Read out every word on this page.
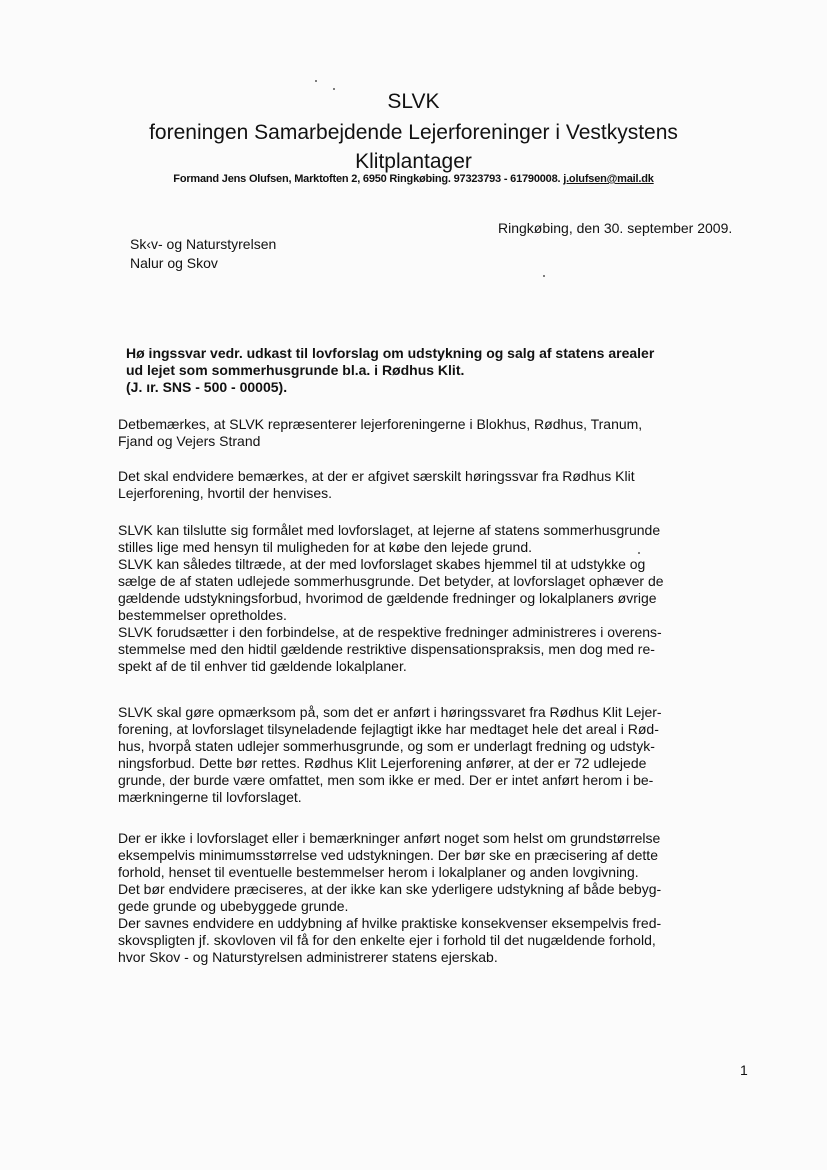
SLVK
foreningen Samarbejdende Lejerforeninger i Vestkystens
Klitplantager
Formand Jens Olufsen, Marktoften 2, 6950 Ringkøbing. 97323793 - 61790008. j.olufsen@mail.dk
Ringkøbing, den 30. september 2009.
Sk‹v- og Naturstyrelsen
Nalur og Skov
Hø ingssvar vedr. udkast til lovforslag om udstykning og salg af statens arealer
ud lejet som sommerhusgrunde bl.a. i Rødhus Klit.
(J. ır. SNS - 500 - 00005).
Detbemærkes, at SLVK repræsenterer lejerforeningerne i Blokhus, Rødhus, Tranum,
Fjand og Vejers Strand
Det skal endvidere bemærkes, at der er afgivet særskilt høringssvar fra Rødhus Klit
Lejerforening, hvortil der henvises.
SLVK kan tilslutte sig formålet med lovforslaget, at lejerne af statens sommerhusgrunde
stilles lige med hensyn til muligheden for at købe den lejede grund.
SLVK kan således tiltræde, at der med lovforslaget skabes hjemmel til at udstykke og
sælge de af staten udlejede sommerhusgrunde. Det betyder, at lovforslaget ophæver de
gældende udstykningsforbud, hvorimod de gældende fredninger og lokalplaners øvrige
bestemmelser opretholdes.
SLVK forudsætter i den forbindelse, at de respektive fredninger administreres i overens-
stemmelse med den hidtil gældende restriktive dispensationspraksis, men dog med re-
spekt af de til enhver tid gældende lokalplaner.
SLVK skal gøre opmærksom på, som det er anført i høringssvaret fra Rødhus Klit Lejer-
forening, at lovforslaget tilsyneladende fejlagtigt ikke har medtaget hele det areal i Rød-
hus, hvorpå staten udlejer sommerhusgrunde, og som er underlagt fredning og udstyk-
ningsforbud. Dette bør rettes. Rødhus Klit Lejerforening anfører, at der er 72 udlejede
grunde, der burde være omfattet, men som ikke er med. Der er intet anført herom i be-
mærkningerne til lovforslaget.
Der er ikke i lovforslaget eller i bemærkninger anført noget som helst om grundstørrelse
eksempelvis minimumsstørrelse ved udstykningen. Der bør ske en præcisering af dette
forhold, henset til eventuelle bestemmelser herom i lokalplaner og anden lovgivning.
Det bør endvidere præciseres, at der ikke kan ske yderligere udstykning af både bebyg-
gede grunde og ubebyggede grunde.
Der savnes endvidere en uddybning af hvilke praktiske konsekvenser eksempelvis fred-
skovspligten jf. skovloven vil få for den enkelte ejer i forhold til det nugældende forhold,
hvor Skov - og Naturstyrelsen administrerer statens ejerskab.
1
